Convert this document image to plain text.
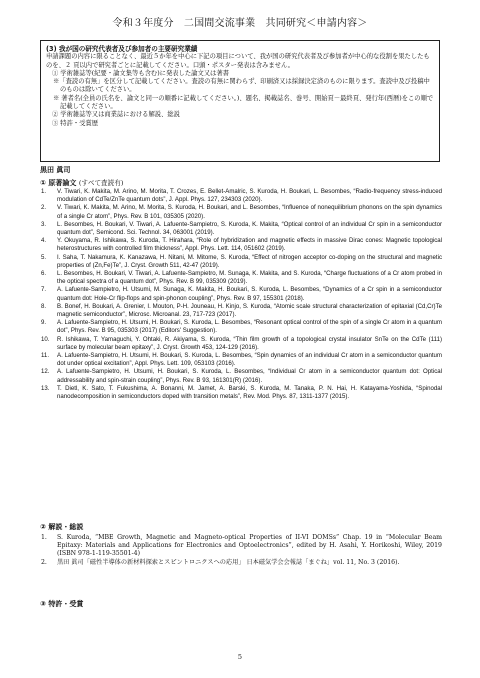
令和３年度分　二国間交流事業　共同研究＜申請内容＞

(3) 我が国の研究代表者及び参加者の主要研究業績

申請課題の内容に限ることなく、最近５か年を中心に下記の項目について、我が国の研究代表者及び参加者が中心的な役割を果たしたものを、２ 頁以内で研究者ごとに記載してください。口頭・ポスター発表は含みません。

① 学術雑誌等(紀要・論文集等も含む)に発表した論文又は著書

※「査読の有無」を区分して記載してください。査読の有無に関わらず、印刷済又は採録決定済のものに限ります。査読中及び投稿中のものは除いてください。

※ 著者名(全員の氏名を、論文と同一の順番に記載してください。)、題名、掲載誌名、巻号、開始頁－最終頁、発行年(西暦)をこの順で記載してください。

② 学術雑誌等又は商業誌における解説、総説

③ 特許・受賞歴

黒田 眞司
① 原著論文 (すべて査読有)
1. V. Tiwari, K. Makita, M. Arino, M. Morita, T. Crozes, E. Bellet-Amalric, S. Kuroda, H. Boukari, L. Besombes, “Radio-frequency stress-induced modulation of CdTe/ZnTe quantum dots”, J. Appl. Phys. 127, 234303 (2020).
2. V. Tiwari, K. Makita, M. Arino, M. Morita, S. Kuroda, H. Boukari, and L. Besombes, “Influence of nonequilibrium phonons on the spin dynamics of a single Cr atom”, Phys. Rev. B 101, 035305 (2020).
3. L. Besombes, H. Boukari, V. Tiwari, A. Lafuente-Sampietro, S. Kuroda, K. Makita, “Optical control of an individual Cr spin in a semiconductor quantum dot”, Semicond. Sci. Technol. 34, 063001 (2019).
4. Y. Okuyama, R. Ishikawa, S. Kuroda, T. Hirahara, “Role of hybridization and magnetic effects in massive Dirac cones: Magnetic topological heterostructures with controlled film thickness”, Appl. Phys. Lett. 114, 051602 (2019).
5. I. Saha, T. Nakamura, K. Kanazawa, H. Nitani, M. Mitome, S. Kuroda, “Effect of nitrogen acceptor co-doping on the structural and magnetic properties of (Zn,Fe)Te”, J. Cryst. Growth 511, 42-47 (2019).
6. L. Besombes, H. Boukari, V. Tiwari, A. Lafuente-Sampietro, M. Sunaga, K. Makita, and S. Kuroda, “Charge fluctuations of a Cr atom probed in the optical spectra of a quantum dot”, Phys. Rev. B 99, 035309 (2019).
7. A. Lafuente-Sampietro, H. Utsumi, M. Sunaga, K. Makita, H. Boukari, S. Kuroda, L. Besombes, “Dynamics of a Cr spin in a semiconductor quantum dot: Hole-Cr flip-flops and spin-phonon coupling”, Phys. Rev. B 97, 155301 (2018).
8. B. Bonef, H. Boukari, A. Grenier, I. Mouton, P-H. Jouneau, H. Kinjo, S. Kuroda, “Atomic scale structural characterization of epitaxial (Cd,Cr)Te magnetic semiconductor”, Microsc. Microanal. 23, 717-723 (2017).
9. A. Lafuente-Sampietro, H. Utsumi, H. Boukari, S. Kuroda, L. Besombes, “Resonant optical control of the spin of a single Cr atom in a quantum dot”, Phys. Rev. B 95, 035303 (2017) (Editors' Suggestion).
10. R. Ishikawa, T. Yamaguchi, Y. Ohtaki, R. Akiyama, S. Kuroda, “Thin film growth of a topological crystal insulator SnTe on the CdTe (111) surface by molecular beam epitaxy”, J. Cryst. Growth 453, 124-129 (2016).
11. A. Lafuente-Sampietro, H. Utsumi, H. Boukari, S. Kuroda, L. Besombes, “Spin dynamics of an individual Cr atom in a semiconductor quantum dot under optical excitation”, Appl. Phys. Lett. 109, 053103 (2016).
12. A. Lafuente-Sampietro, H. Utsumi, H. Boukari, S. Kuroda, L. Besombes, “Individual Cr atom in a semiconductor quantum dot: Optical addressability and spin-strain coupling”, Phys. Rev. B 93, 161301(R) (2016).
13. T. Dietl, K. Sato, T. Fukushima, A. Bonanni, M. Jamet, A. Barski, S. Kuroda, M. Tanaka, P. N. Hai, H. Katayama-Yoshida, “Spinodal nanodecomposition in semiconductors doped with transition metals”, Rev. Mod. Phys. 87, 1311-1377 (2015).
② 解説・総説
1. S. Kuroda, “MBE Growth, Magnetic and Magneto-optical Properties of II-VI DOMSs” Chap. 19 in “Molecular Beam Epitaxy: Materials and Applications for Electronics and Optoelectronics”, edited by H. Asahi, Y. Horikoshi, Wiley, 2019 (ISBN 978-1-119-35501-4)
2. 黒田 眞司「磁性半導体の新材料探索とスピントロニクスへの応用」 日本磁気学会会報誌「まぐね」vol. 11, No. 3 (2016).
③ 特許・受賞
5
